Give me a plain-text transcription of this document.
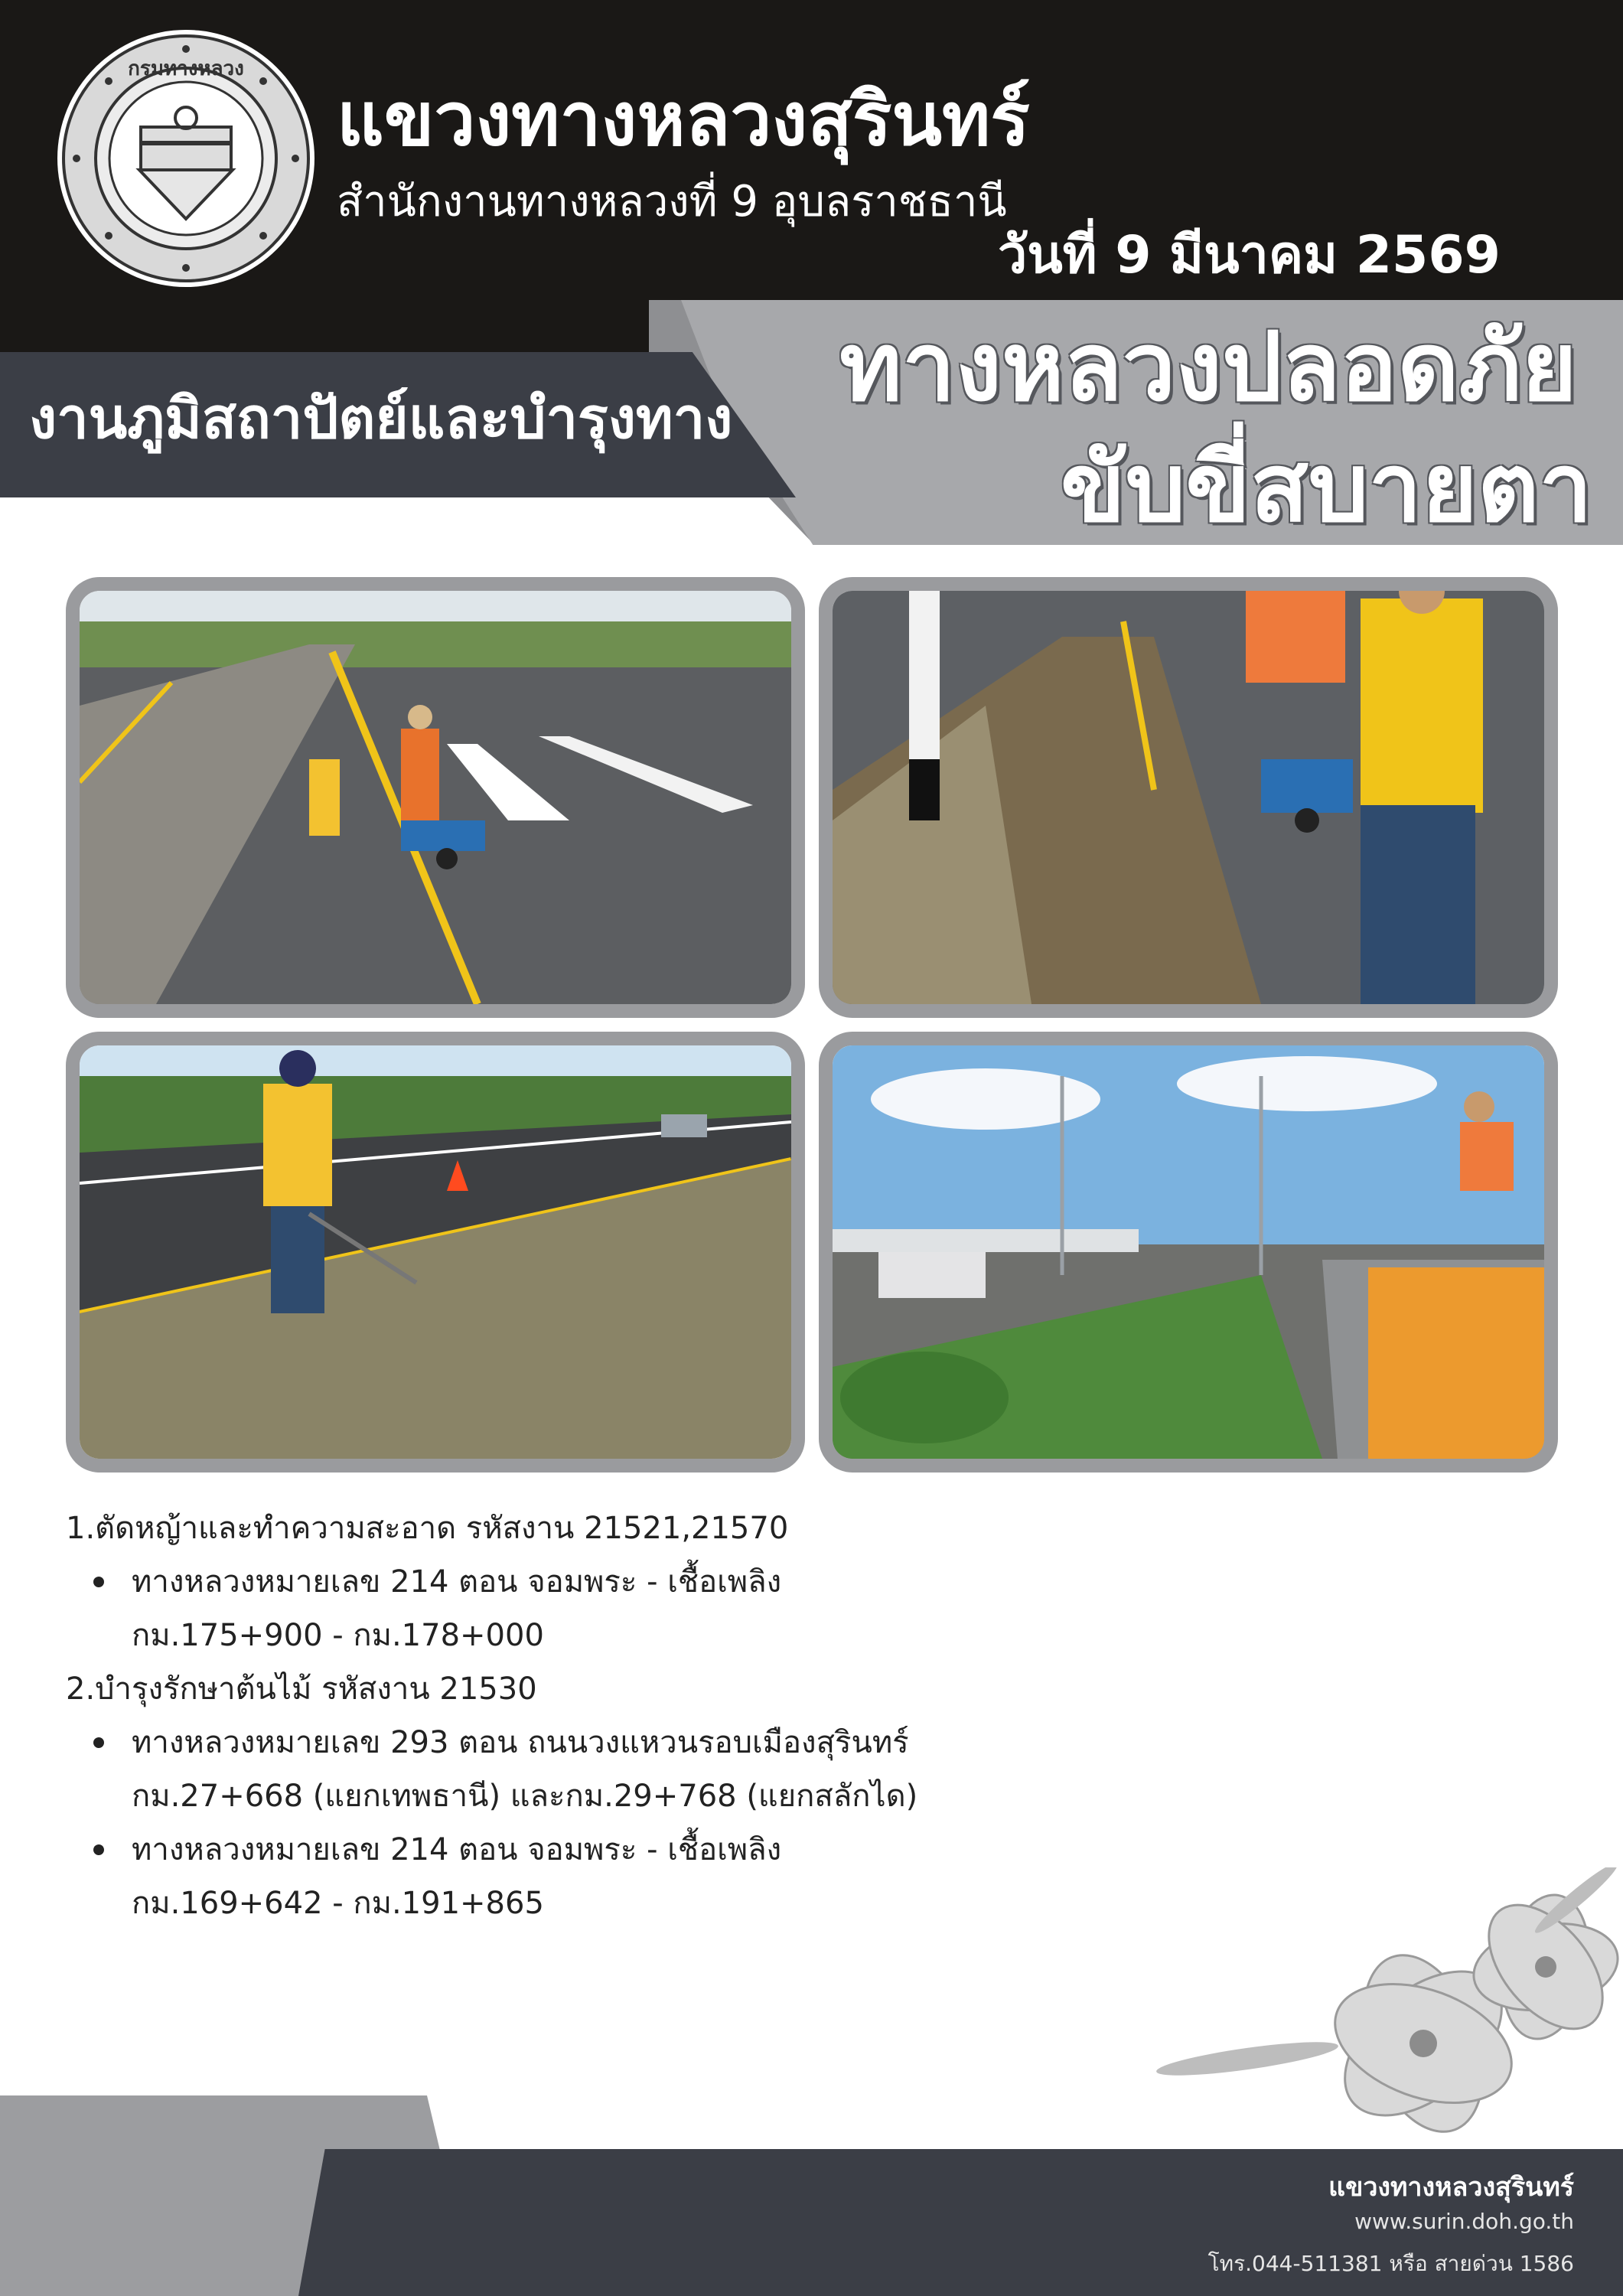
กรมทางหลวง
แขวงทางหลวงสุรินทร์
สำนักงานทางหลวงที่ 9 อุบลราชธานี
วันที่ 9 มีนาคม 2569
ทางหลวงปลอดภัย
ขับขี่สบายตา
งานภูมิสถาปัตย์และบำรุงทาง
1.ตัดหญ้าและทำความสะอาด รหัสงาน 21521,21570
ทางหลวงหมายเลข 214 ตอน จอมพระ - เชื้อเพลิง
กม.175+900 - กม.178+000
2.บำรุงรักษาต้นไม้ รหัสงาน 21530
ทางหลวงหมายเลข 293 ตอน ถนนวงแหวนรอบเมืองสุรินทร์
กม.27+668 (แยกเทพธานี) และกม.29+768 (แยกสลักได)
ทางหลวงหมายเลข 214 ตอน จอมพระ - เชื้อเพลิง
กม.169+642 - กม.191+865
แขวงทางหลวงสุรินทร์
www.surin.doh.go.th
โทร.044-511381 หรือ สายด่วน 1586
